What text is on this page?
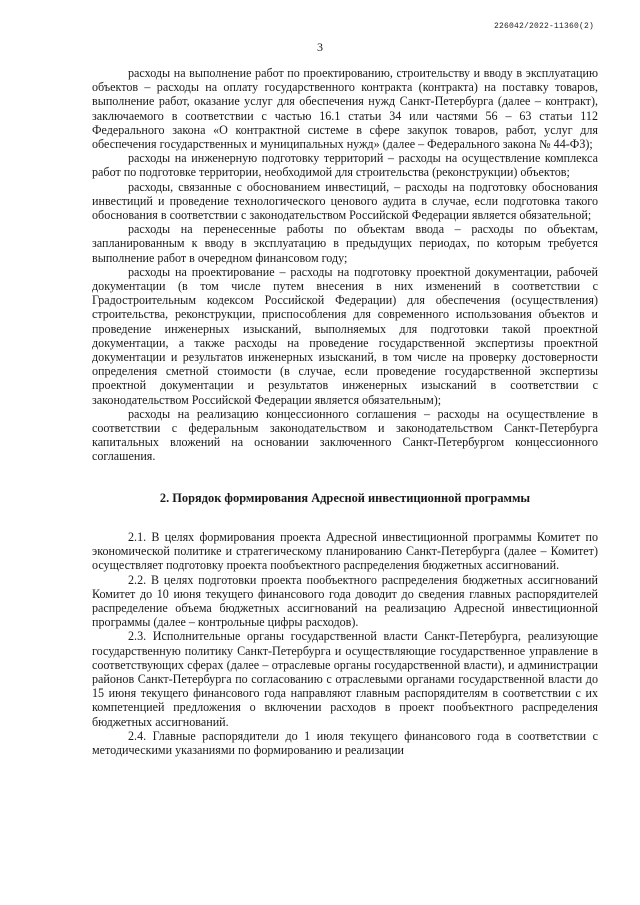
226042/2022-11360(2)
3

расходы на выполнение работ по проектированию, строительству и вводу в эксплуатацию объектов – расходы на оплату государственного контракта (контракта) на поставку товаров, выполнение работ, оказание услуг для обеспечения нужд Санкт-Петербурга (далее – контракт), заключаемого в соответствии с частью 16.1 статьи 34 или частями 56 – 63 статьи 112 Федерального закона «О контрактной системе в сфере закупок товаров, работ, услуг для обеспечения государственных и муниципальных нужд» (далее – Федерального закона № 44-ФЗ);

расходы на инженерную подготовку территорий – расходы на осуществление комплекса работ по подготовке территории, необходимой для строительства (реконструкции) объектов;

расходы, связанные с обоснованием инвестиций, – расходы на подготовку обоснования инвестиций и проведение технологического ценового аудита в случае, если подготовка такого обоснования в соответствии с законодательством Российской Федерации является обязательной;

расходы на перенесенные работы по объектам ввода – расходы по объектам, запланированным к вводу в эксплуатацию в предыдущих периодах, по которым требуется выполнение работ в очередном финансовом году;

расходы на проектирование – расходы на подготовку проектной документации, рабочей документации (в том числе путем внесения в них изменений в соответствии с Градостроительным кодексом Российской Федерации) для обеспечения (осуществления) строительства, реконструкции, приспособления для современного использования объектов и проведение инженерных изысканий, выполняемых для подготовки такой проектной документации, а также расходы на проведение государственной экспертизы проектной документации и результатов инженерных изысканий, в том числе на проверку достоверности определения сметной стоимости (в случае, если проведение государственной экспертизы проектной документации и результатов инженерных изысканий в соответствии с законодательством Российской Федерации является обязательным);

расходы на реализацию концессионного соглашения – расходы на осуществление в соответствии с федеральным законодательством и законодательством Санкт-Петербурга капитальных вложений на основании заключенного Санкт-Петербургом концессионного соглашения.

2. Порядок формирования Адресной инвестиционной программы

2.1. В целях формирования проекта Адресной инвестиционной программы Комитет по экономической политике и стратегическому планированию Санкт-Петербурга (далее – Комитет) осуществляет подготовку проекта пообъектного распределения бюджетных ассигнований.

2.2. В целях подготовки проекта пообъектного распределения бюджетных ассигнований Комитет до 10 июня текущего финансового года доводит до сведения главных распорядителей распределение объема бюджетных ассигнований на реализацию Адресной инвестиционной программы (далее – контрольные цифры расходов).

2.3. Исполнительные органы государственной власти Санкт-Петербурга, реализующие государственную политику Санкт-Петербурга и осуществляющие государственное управление в соответствующих сферах (далее – отраслевые органы государственной власти), и администрации районов Санкт-Петербурга по согласованию с отраслевыми органами государственной власти до 15 июня текущего финансового года направляют главным распорядителям в соответствии с их компетенцией предложения о включении расходов в проект пообъектного распределения бюджетных ассигнований.

2.4. Главные распорядители до 1 июля текущего финансового года в соответствии с методическими указаниями по формированию и реализации
